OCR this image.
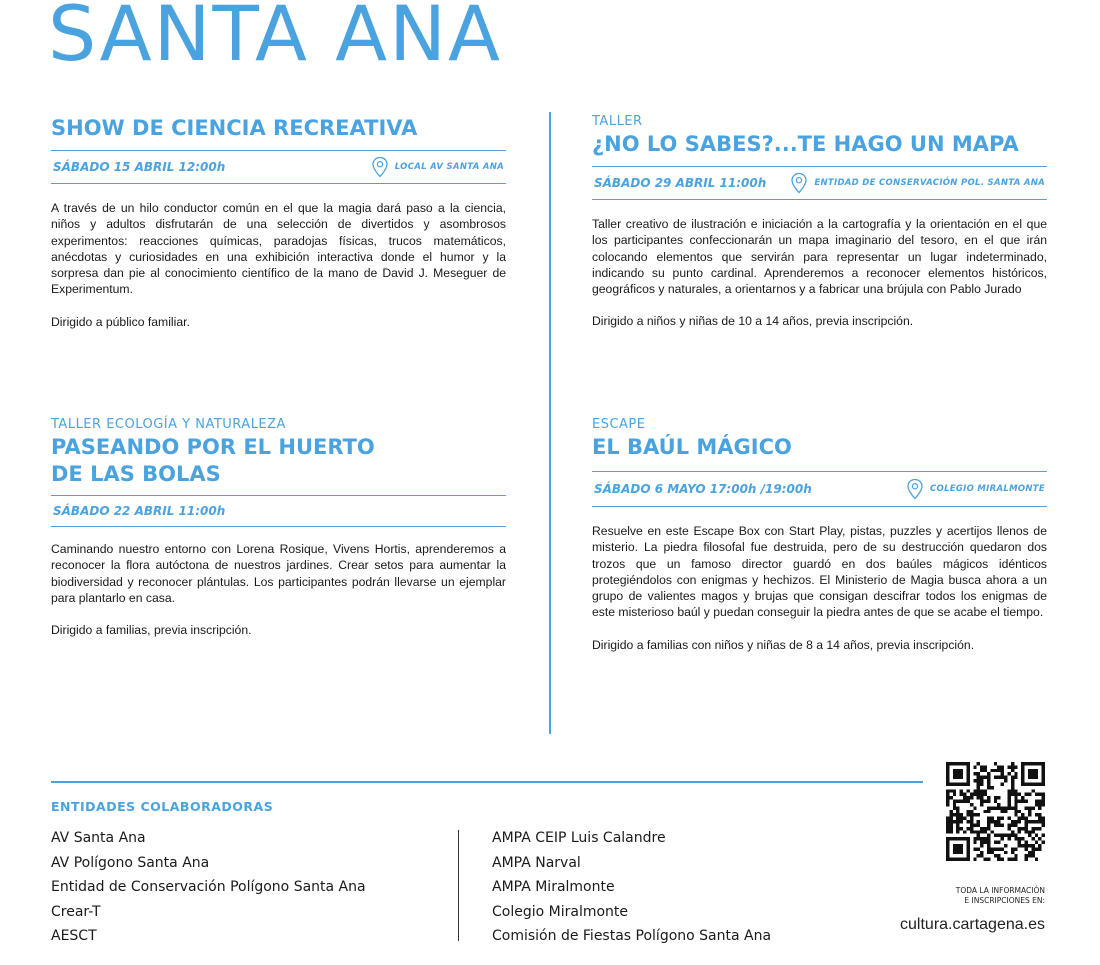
SANTA ANA
SHOW DE CIENCIA RECREATIVA
SÁBADO 15 ABRIL 12:00h	LOCAL AV SANTA ANA

A través de un hilo conductor común en el que la magia dará paso a la ciencia, niños y adultos disfrutarán de una selección de divertidos y asombrosos experimentos: reacciones químicas, paradojas físicas, trucos matemáticos, anécdotas y curiosidades en una exhibición interactiva donde el humor y la sorpresa dan pie al conocimiento científico de la mano de David J. Meseguer de Experimentum.

Dirigido a público familiar.

TALLER
¿NO LO SABES?...TE HAGO UN MAPA
SÁBADO 29 ABRIL 11:00h	ENTIDAD DE CONSERVACIÓN POL. SANTA ANA

Taller creativo de ilustración e iniciación a la cartografía y la orientación en el que los participantes confeccionarán un mapa imaginario del tesoro, en el que irán colocando elementos que servirán para representar un lugar indeterminado, indicando su punto cardinal. Aprenderemos a reconocer elementos históricos, geográficos y naturales, a orientarnos y a fabricar una brújula con Pablo Jurado

Dirigido a niños y niñas de 10 a 14 años, previa inscripción.

TALLER ECOLOGÍA Y NATURALEZA
PASEANDO POR EL HUERTO
DE LAS BOLAS
SÁBADO 22 ABRIL 11:00h

Caminando nuestro entorno con Lorena Rosique, Vivens Hortis, aprenderemos a reconocer la flora autóctona de nuestros jardines. Crear setos para aumentar la biodiversidad y reconocer plántulas. Los participantes podrán llevarse un ejemplar para plantarlo en casa.

Dirigido a familias, previa inscripción.

ESCAPE
EL BAÚL MÁGICO
SÁBADO 6 MAYO 17:00h /19:00h	COLEGIO MIRALMONTE

Resuelve en este Escape Box con Start Play, pistas, puzzles y acertijos llenos de misterio. La piedra filosofal fue destruida, pero de su destrucción quedaron dos trozos que un famoso director guardó en dos baúles mágicos idénticos protegiéndolos con enigmas y hechizos. El Ministerio de Magia busca ahora a un grupo de valientes magos y brujas que consigan descifrar todos los enigmas de este misterioso baúl y puedan conseguir la piedra antes de que se acabe el tiempo.

Dirigido a familias con niños y niñas de 8 a 14 años, previa inscripción.

ENTIDADES COLABORADORAS
AV Santa Ana
AV Polígono Santa Ana
Entidad de Conservación Polígono Santa Ana
Crear-T
AESCT
AMPA CEIP Luis Calandre
AMPA Narval
AMPA Miralmonte
Colegio Miralmonte
Comisión de Fiestas Polígono Santa Ana
TODA LA INFORMACIÓN
E INSCRIPCIONES EN:
cultura.cartagena.es
